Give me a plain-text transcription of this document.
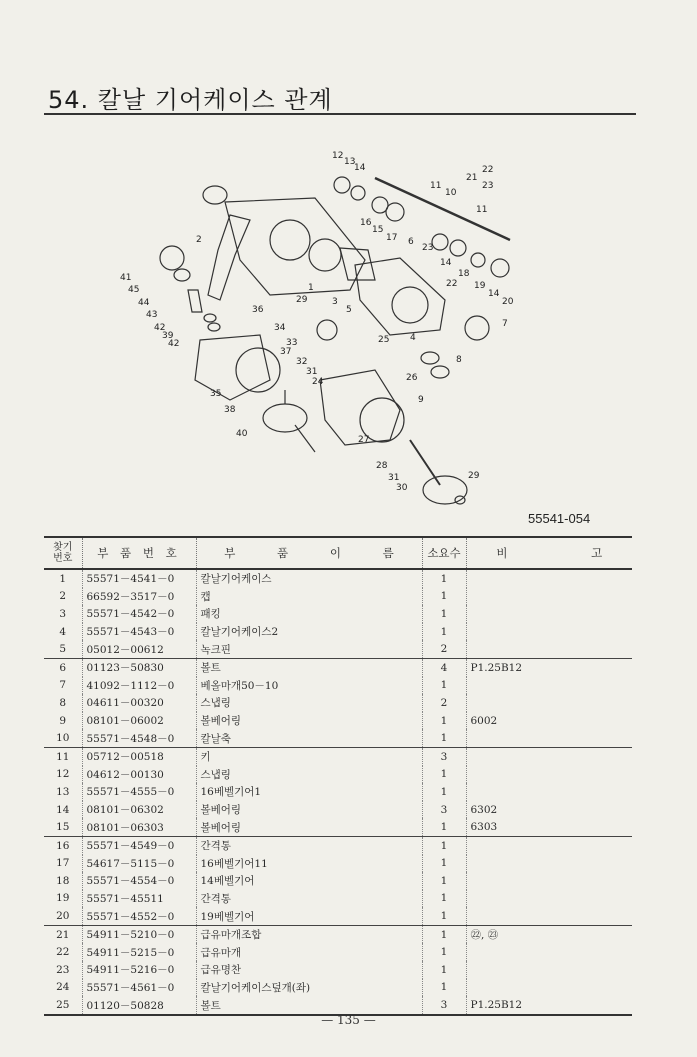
54. 칼날 기어케이스 관계
12
13
14	22
21
23
11
10
11
16
15
17 6
23
2
14
18
19
14
20
22
41
45
44
43
42
39
42
29
1
3
5
36
7
4
34
33
37
25
8
32
31
24	26
9
35
38
40
27
28
31
30
29
55541-054
찾기
번호	부 품 번 호	부 품 이 름	소요수	비 고
1	55571－4541－0	칼날기어케이스	1	
2	66592－3517－0	캡	1	
3	55571－4542－0	패킹	1	
4	55571－4543－0	칼날기어케이스2	1	
5	05012－00612	녹크핀	2	
6	01123－50830	볼트	4	P1.25B12
7	41092－1112－0	베올마개50－10	1	
8	04611－00320	스냅링	2	
9	08101－06002	볼베어링	1	6002
10	55571－4548－0	칼날축	1	
11	05712－00518	키	3	
12	04612－00130	스냅링	1	
13	55571－4555－0	16베벨기어1	1	
14	08101－06302	볼베어링	3	6302
15	08101－06303	볼베어링	1	6303
16	55571－4549－0	간격통	1	
17	54617－5115－0	16베벨기어11	1	
18	55571－4554－0	14베벨기어	1	
19	55571－45511	간격통	1	
20	55571－4552－0	19베벨기어	1	
21	54911－5210－0	급유마개조합	1	㉒, ㉓
22	54911－5215－0	급유마개	1	
23	54911－5216－0	급유명찬	1	
24	55571－4561－0	칼날기어케이스덮개(좌)	1	
25	01120－50828	볼트	3	P1.25B12
— 135 —
